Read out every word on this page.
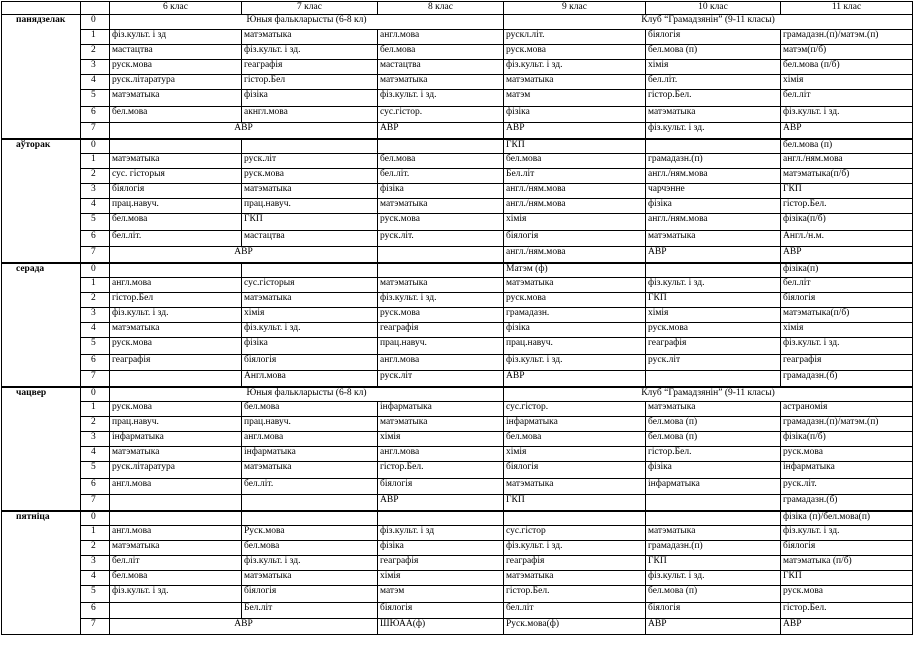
		6 клас	7 клас	8 клас	9 клас	10 клас	11 клас
панядзелак	0	Юныя фалькларысты (6-8 кл)			Клуб “Грамадзянін” (9-11 класы)		
	1	фіз.культ. і зд	матэматыка	англ.мова	рускл.літ.	біялогія	грамадазн.(п)/матэм.(п)
	2	мастацтва	фіз.культ. і зд.	бел.мова	руск.мова	бел.мова (п)	матэм(п/б)
	3	руск.мова	геаграфія	мастацтва	фіз.культ. і зд.	хімія	бел.мова (п/б)
	4	руск.літаратура	гістор.Бел	матэматыка	матэматыка	бел.літ.	хімія
	5	матэматыка	фізіка	фіз.культ. і зд.	матэм	гістор.Бел.	бел.літ
	6	бел.мова	акнгл.мова	сус.гістор.	фізіка	матэматыка	фіз.культ. і зд.
	7	АВР		АВР	АВР	фіз.культ. і зд.	АВР
аўторак	0				ГКП		бел.мова (п)
	1	матэматыка	руск.літ	бел.мова	бел.мова	грамадазн.(п)	англ./ням.мова
	2	сус. гісторыя	руск.мова	бел.літ.	Бел.літ	англ./ням.мова	матэматыка(п/б)
	3	біялогія	матэматыка	фізіка	англ./ням.мова	чарчэнне	ГКП
	4	прац.навуч.	прац.навуч.	матэматыка	англ./ням.мова	фізіка	гістор.Бел.
	5	бел.мова	ГКП	руск.мова	хімія	англ./ням.мова	фізіка(п/б)
	6	бел.літ.	мастацтва	руск.літ.	біялогія	матэматыка	Англ./н.м.
	7	АВР			англ./ням.мова	АВР	АВР
серада	0				Матэм (ф)		фізіка(п)
	1	англ.мова	сус.гісторыя	матэматыка	матэматыка	фіз.культ. і зд.	бел.літ
	2	гістор.Бел	матэматыка	фіз.культ. і зд.	руск.мова	ГКП	біялогія
	3	фіз.культ. і зд.	хімія	руск.мова	грамадазн.	хімія	матэматыка(п/б)
	4	матэматыка	фіз.культ. і зд.	геаграфія	фізіка	руск.мова	хімія
	5	руск.мова	фізіка	прац.навуч.	прац.навуч.	геаграфія	фіз.культ. і зд.
	6	геаграфія	біялогія	англ.мова	фіз.культ. і зд.	руск.літ	геаграфія
	7		Англ.мова	руск.літ	АВР		грамадазн.(б)
чацвер	0	Юныя фалькларысты (6-8 кл)			Клуб “Грамадзянін” (9-11 класы)		
	1	руск.мова	бел.мова	інфарматыка	сус.гістор.	матэматыка	астраномія
	2	прац.навуч.	прац.навуч.	матэматыка	інфарматыка	бел.мова (п)	грамадазн.(п)/матэм.(п)
	3	інфарматыка	англ.мова	хімія	бел.мова	бел.мова (п)	фізіка(п/б)
	4	матэматыка	інфарматыка	англ.мова	хімія	гістор.Бел.	руск.мова
	5	руск.літаратура	матэматыка	гістор.Бел.	біялогія	фізіка	інфарматыка
	6	англ.мова	бел.літ.	біялогія	матэматыка	інфарматыка	руск.літ.
	7			АВР	ГКП		грамадазн.(б)
пятніца	0						фізіка (п)/бел.мова(п)
	1	англ.мова	Руск.мова	фіз.культ. і зд	сус.гістор	матэматыка	фіз.культ. і зд.
	2	матэматыка	бел.мова	фізіка	фіз.культ. і зд.	грамадазн.(п)	біялогія
	3	бел.літ	фіз.культ. і зд.	геаграфія	геаграфія	ГКП	матэматыка (п/б)
	4	бел.мова	матэматыка	хімія	матэматыка	фіз.культ. і зд.	ГКП
	5	фіз.культ. і зд.	біялогія	матэм	гістор.Бел.	бел.мова (п)	руск.мова
	6		Бел.літ	біялогія	бел.літ	біялогія	гістор.Бел.
	7	АВР		ШЮАА(ф)	Руск.мова(ф)	АВР	АВР
